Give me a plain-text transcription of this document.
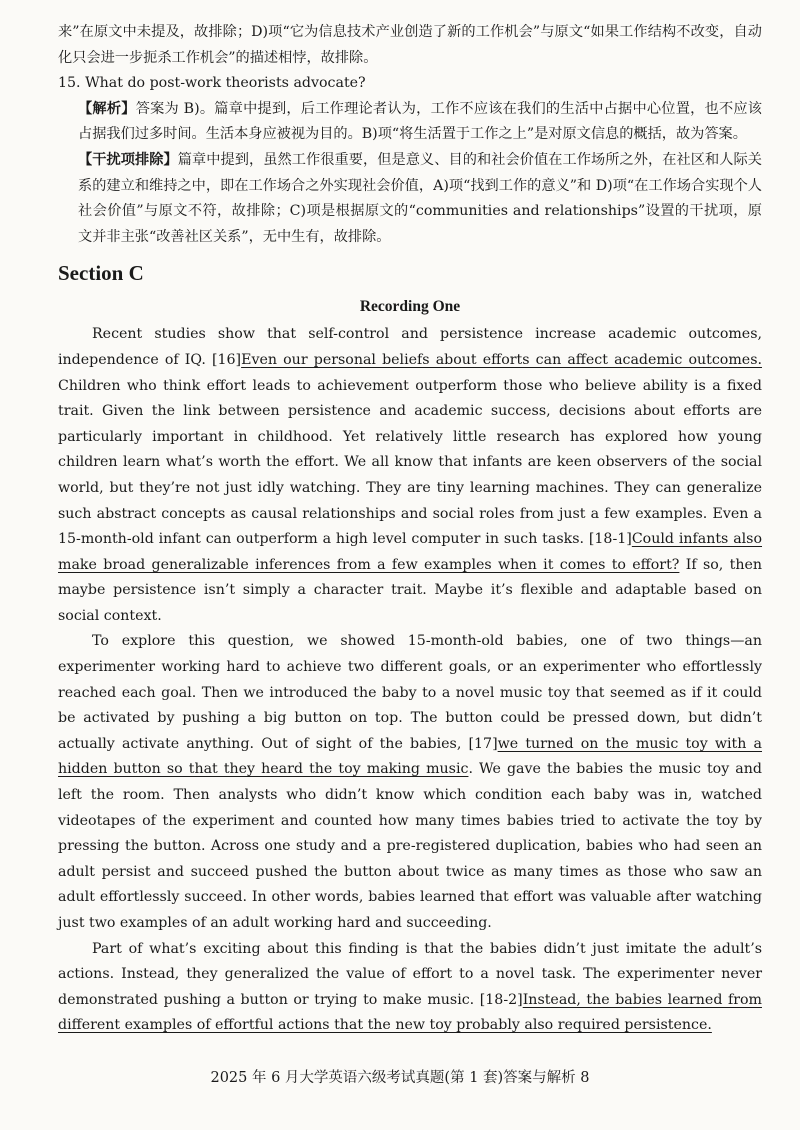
来”在原文中未提及，故排除；D)项“它为信息技术产业创造了新的工作机会”与原文“如果工作结构不改变，自动化只会进一步扼杀工作机会”的描述相悖，故排除。

15. What do post-work theorists advocate?

【解析】答案为 B)。篇章中提到，后工作理论者认为，工作不应该在我们的生活中占据中心位置，也不应该占据我们过多时间。生活本身应被视为目的。B)项“将生活置于工作之上”是对原文信息的概括，故为答案。

【干扰项排除】篇章中提到，虽然工作很重要，但是意义、目的和社会价值在工作场所之外，在社区和人际关系的建立和维持之中，即在工作场合之外实现社会价值，A)项“找到工作的意义”和 D)项“在工作场合实现个人社会价值”与原文不符，故排除；C)项是根据原文的“communities and relationships”设置的干扰项，原文并非主张“改善社区关系”，无中生有，故排除。

Section C
Recording One

Recent studies show that self-control and persistence increase academic outcomes, independence of IQ. [16]Even our personal beliefs about efforts can affect academic outcomes. Children who think effort leads to achievement outperform those who believe ability is a fixed trait. Given the link between persistence and academic success, decisions about efforts are particularly important in childhood. Yet relatively little research has explored how young children learn what’s worth the effort. We all know that infants are keen observers of the social world, but they’re not just idly watching. They are tiny learning machines. They can generalize such abstract concepts as causal relationships and social roles from just a few examples. Even a 15-month-old infant can outperform a high level computer in such tasks. [18-1]Could infants also make broad generalizable inferences from a few examples when it comes to effort? If so, then maybe persistence isn’t simply a character trait. Maybe it’s flexible and adaptable based on social context.

To explore this question, we showed 15-month-old babies, one of two things—an experimenter working hard to achieve two different goals, or an experimenter who effortlessly reached each goal. Then we introduced the baby to a novel music toy that seemed as if it could be activated by pushing a big button on top. The button could be pressed down, but didn’t actually activate anything. Out of sight of the babies, [17]we turned on the music toy with a hidden button so that they heard the toy making music. We gave the babies the music toy and left the room. Then analysts who didn’t know which condition each baby was in, watched videotapes of the experiment and counted how many times babies tried to activate the toy by pressing the button. Across one study and a pre-registered duplication, babies who had seen an adult persist and succeed pushed the button about twice as many times as those who saw an adult effortlessly succeed. In other words, babies learned that effort was valuable after watching just two examples of an adult working hard and succeeding.

Part of what’s exciting about this finding is that the babies didn’t just imitate the adult’s actions. Instead, they generalized the value of effort to a novel task. The experimenter never demonstrated pushing a button or trying to make music. [18-2]Instead, the babies learned from different examples of effortful actions that the new toy probably also required persistence.

2025 年 6 月大学英语六级考试真题(第 1 套)答案与解析 8
